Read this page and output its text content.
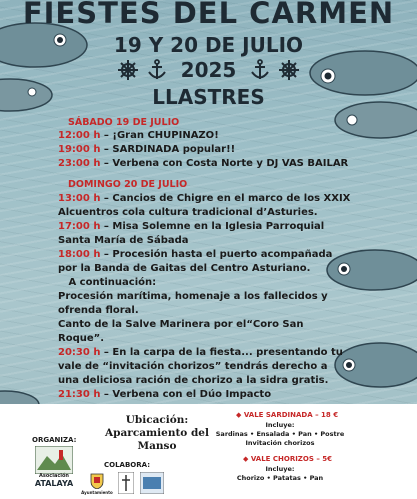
FIESTES DEL CARMEN
19 Y 20 DE JULIO
2025
LLASTRES
SÁBADO 19 DE JULIO
12:00 h – ¡Gran CHUPINAZO!
19:00 h – SARDINADA popular!!
23:00 h – Verbena con Costa Norte y DJ VAS BAILAR
DOMINGO 20 DE JULIO
13:00 h – Cancios de Chigre en el marco de los XXIX
Alcuentros cola cultura tradicional d’Asturies.
17:00 h – Misa Solemne en la Iglesia Parroquial
Santa María de Sábada
18:00 h – Procesión hasta el puerto acompañada
por la Banda de Gaitas del Centro Asturiano.
A continuación:
Procesión marítima, homenaje a los fallecidos y
ofrenda floral.
Canto de la Salve Marinera por el“Coro San
Roque”.
20:30 h – En la carpa de la fiesta... presentando tu
vale de “invitación chorizos” tendrás derecho a
una deliciosa ración de chorizo a la sidra gratis.
21:30 h – Verbena con el Dúo Impacto
Ubicación:
Aparcamiento del
Manso
ORGANIZA:
Asociación
ATALAYA
COLABORA:
Ayuntamiento
◆ VALE SARDINADA – 18 €
Incluye:
Sardinas • Ensalada • Pan • Postre
Invitación chorizos
◆ VALE CHORIZOS – 5€
Incluye:
Chorizo • Patatas • Pan
